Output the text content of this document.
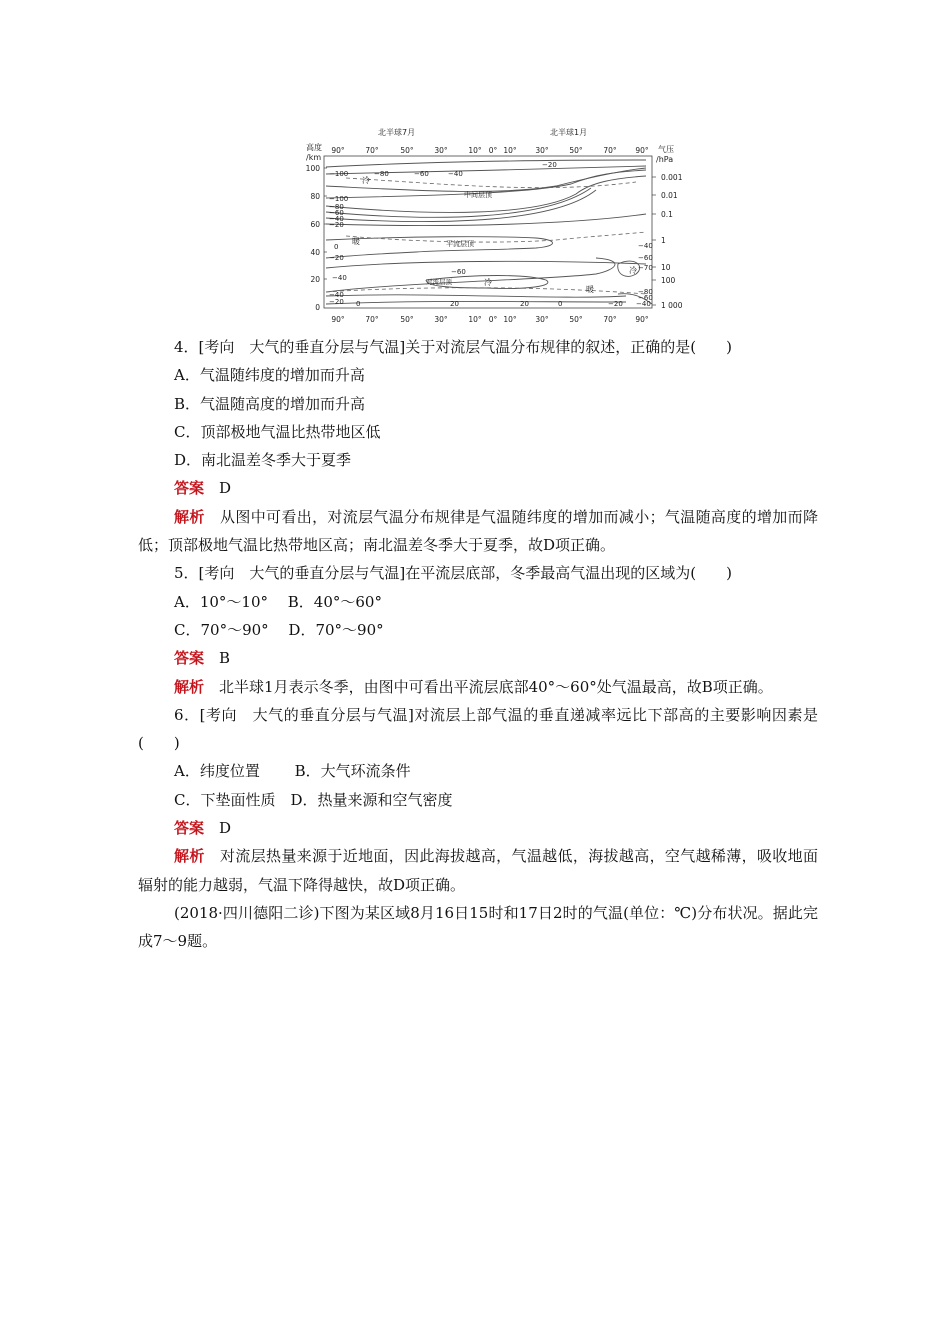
北半球7月	北半球1月
高度
/km
气压
/hPa
90°	70°	50°	30°	10° 0° 10° 30°	50°	70° 90°
90°	70°	50°	30°	10° 0° 10° 30°	50°	70° 90°
100
80
60
40
20
0
0.001
0.01
0.1
1
10
100
1 000
冷
中间层顶
暖	平流层顶
对流层顶	冷
冷
暖
−100	−80	−60	−40
−20
−100
−80
−60
−40
−20
0
−20
−40
−60
−40
−20 0	20	20	0
−40
−60
−70
−60
−40
−20
−80

4．[考向　大气的垂直分层与气温]关于对流层气温分布规律的叙述，正确的是(　　)

A．气温随纬度的增加而升高

B．气温随高度的增加而升高

C．顶部极地气温比热带地区低

D．南北温差冬季大于夏季

答案　 D

解析　 从图中可看出，对流层气温分布规律是气温随纬度的增加而减小；气温随高度的增加而降低；顶部极地气温比热带地区高；南北温差冬季大于夏季，故D项正确。

5．[考向　大气的垂直分层与气温]在平流层底部，冬季最高气温出现的区域为(　　)

A．10°～10°　 B．40°～60°

C．70°～90°　 D．70°～90°

答案　 B

解析　 北半球1月表示冬季，由图中可看出平流层底部40°～60°处气温最高，故B项正确。

6．[考向　大气的垂直分层与气温]对流层上部气温的垂直递减率远比下部高的主要影响因素是(　　)

A．纬度位置　　 B．大气环流条件

C．下垫面性质　D．热量来源和空气密度

答案　 D

解析　 对流层热量来源于近地面，因此海拔越高，气温越低，海拔越高，空气越稀薄，吸收地面辐射的能力越弱，气温下降得越快，故D项正确。

(2018·四川德阳二诊)下图为某区域8月16日15时和17日2时的气温(单位：℃)分布状况。据此完成7～9题。
